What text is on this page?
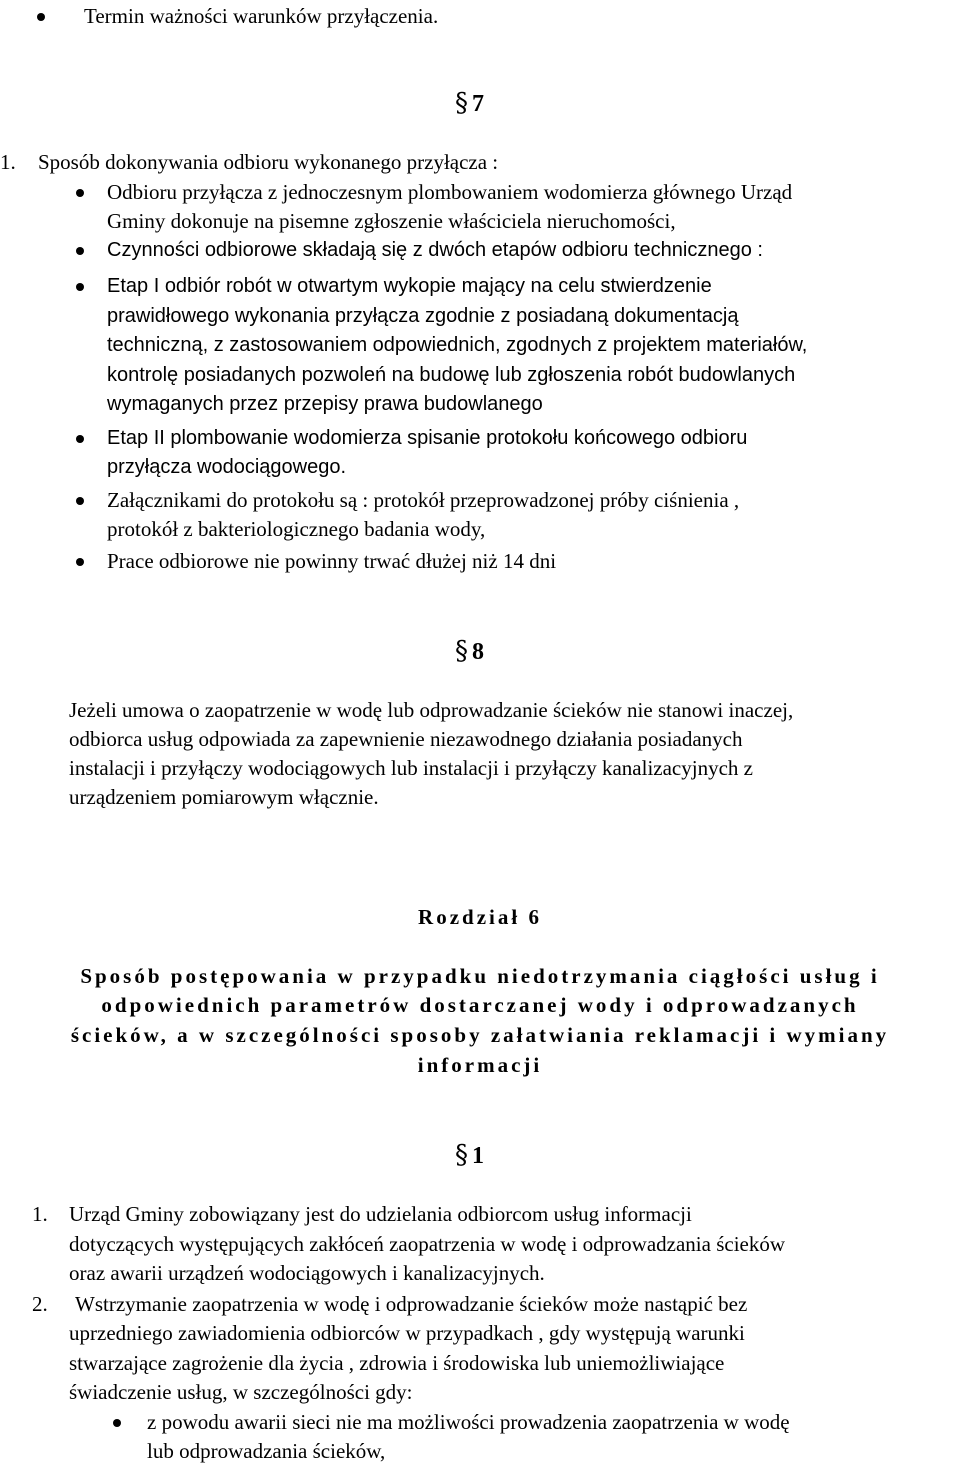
Termin ważności warunków przyłączenia.
§ 7
1. Sposób dokonywania odbioru wykonanego przyłącza :
Odbioru przyłącza z jednoczesnym plombowaniem wodomierza głównego Urząd
Gminy dokonuje na pisemne zgłoszenie właściciela nieruchomości,
Czynności odbiorowe składają się z dwóch etapów odbioru technicznego :
Etap I odbiór robót w otwartym wykopie mający na celu stwierdzenie
prawidłowego wykonania przyłącza zgodnie z posiadaną dokumentacją
techniczną, z zastosowaniem odpowiednich, zgodnych z projektem materiałów,
kontrolę posiadanych pozwoleń na budowę lub zgłoszenia robót budowlanych
wymaganych przez przepisy prawa budowlanego
Etap II plombowanie wodomierza spisanie protokołu końcowego odbioru
przyłącza wodociągowego.
Załącznikami do protokołu są : protokół przeprowadzonej próby ciśnienia ,
protokół z bakteriologicznego badania wody,
Prace odbiorowe nie powinny trwać dłużej niż 14 dni
§ 8
Jeżeli umowa o zaopatrzenie w wodę lub odprowadzanie ścieków nie stanowi inaczej,
odbiorca usług odpowiada za zapewnienie niezawodnego działania posiadanych
instalacji i przyłączy wodociągowych lub instalacji i przyłączy kanalizacyjnych z
urządzeniem pomiarowym włącznie.
Rozdział 6
Sposób postępowania w przypadku niedotrzymania ciągłości usług i
odpowiednich parametrów dostarczanej wody i odprowadzanych
ścieków, a w szczególności sposoby załatwiania reklamacji i wymiany
informacji
§ 1
1. Urząd Gminy zobowiązany jest do udzielania odbiorcom usług informacji
dotyczących występujących zakłóceń zaopatrzenia w wodę i odprowadzania ścieków
oraz awarii urządzeń wodociągowych i kanalizacyjnych.
2. Wstrzymanie zaopatrzenia w wodę i odprowadzanie ścieków może nastąpić bez
uprzedniego zawiadomienia odbiorców w przypadkach , gdy występują warunki
stwarzające zagrożenie dla życia , zdrowia i środowiska lub uniemożliwiające
świadczenie usług, w szczególności gdy:
z powodu awarii sieci nie ma możliwości prowadzenia zaopatrzenia w wodę
lub odprowadzania ścieków,
